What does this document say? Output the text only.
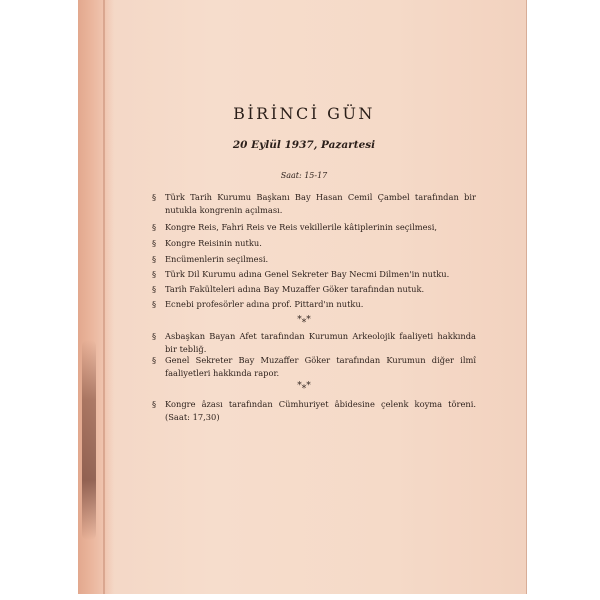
BİRİNCİ GÜN
20 Eylül 1937, Pazartesi
Saat: 15-17
§	Türk Tarih Kurumu Başkanı Bay Hasan Cemil Çambel tarafından bir nutukla kongrenin açılması.
§	Kongre Reis, Fahri Reis ve Reis vekillerile kâtiplerinin seçilmesi,
§	Kongre Reisinin nutku.
§	Encümenlerin seçilmesi.
§	Türk Dil Kurumu adına Genel Sekreter Bay Necmi Dilmen'in nutku.
§	Tarih Fakülteleri adına Bay Muzaffer Göker tarafından nutuk.
§	Ecnebi profesörler adına prof. Pittard'ın nutku.
*⁎*
§	Asbaşkan Bayan Afet tarafından Kurumun Arkeolojik faaliyeti hakkında bir tebliğ.
§	Genel Sekreter Bay Muzaffer Göker tarafından Kurumun diğer ilmî faaliyetleri hakkında rapor.
*⁎*
§	Kongre âzası tarafından Cümhuriyet âbidesine çelenk koyma töreni. (Saat: 17,30)
